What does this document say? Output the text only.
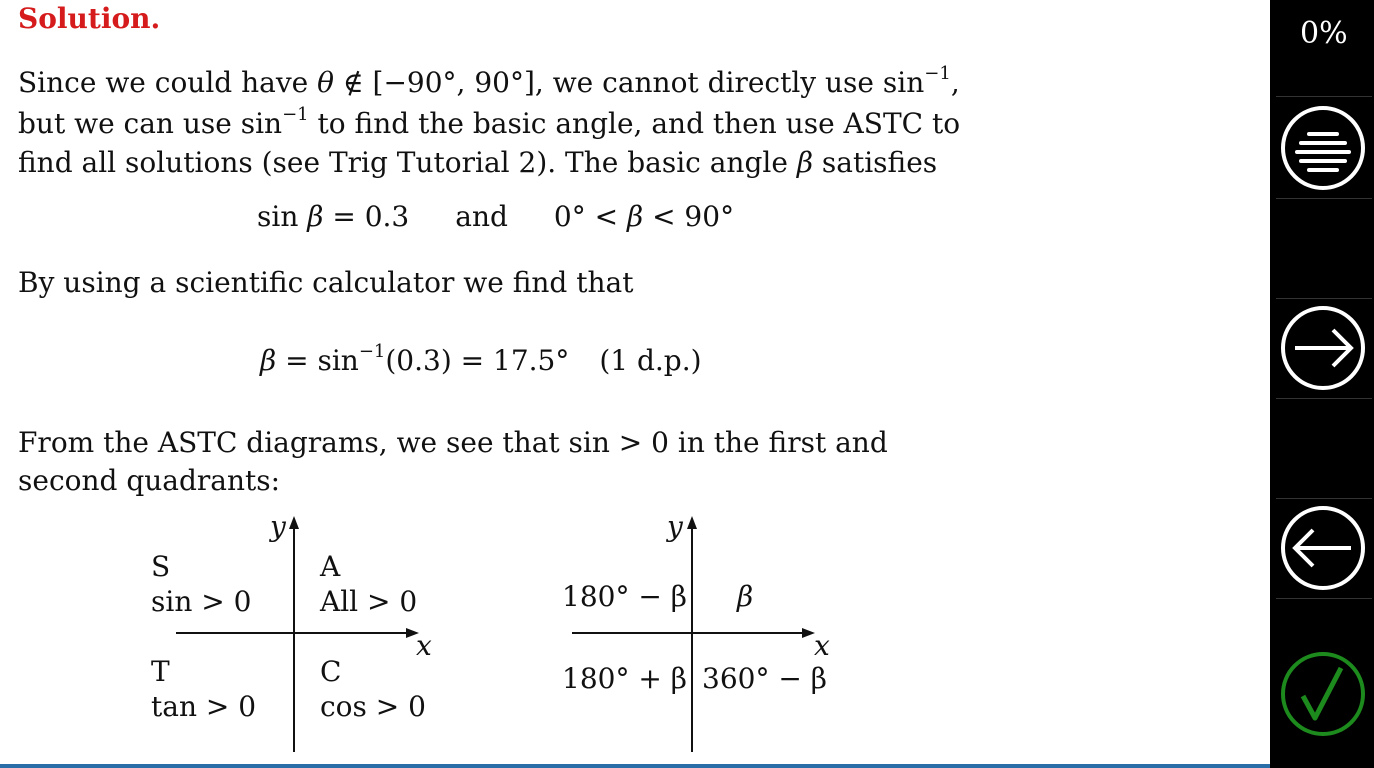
Solution.
Since we could have θ ∉ [−90°, 90°], we cannot directly use $\sin^{-1}$,
but we can use $\sin^{-1}$ to find the basic angle, and then use ASTC to
find all solutions (see Trig Tutorial 2). The basic angle β satisfies
sin β = 0.3 and 0° < β < 90°
By using a scientific calculator we find that
$\beta = \sin^{-1}(0.3) = 17.5^\circ$ (1 d.p.)
From the ASTC diagrams, we see that sin > 0 in the first and
second quadrants:
y
x
S
sin > 0
A
All > 0
T
tan > 0
C
cos > 0
y
x
180° − β β
180° + β 360° − β
0%
